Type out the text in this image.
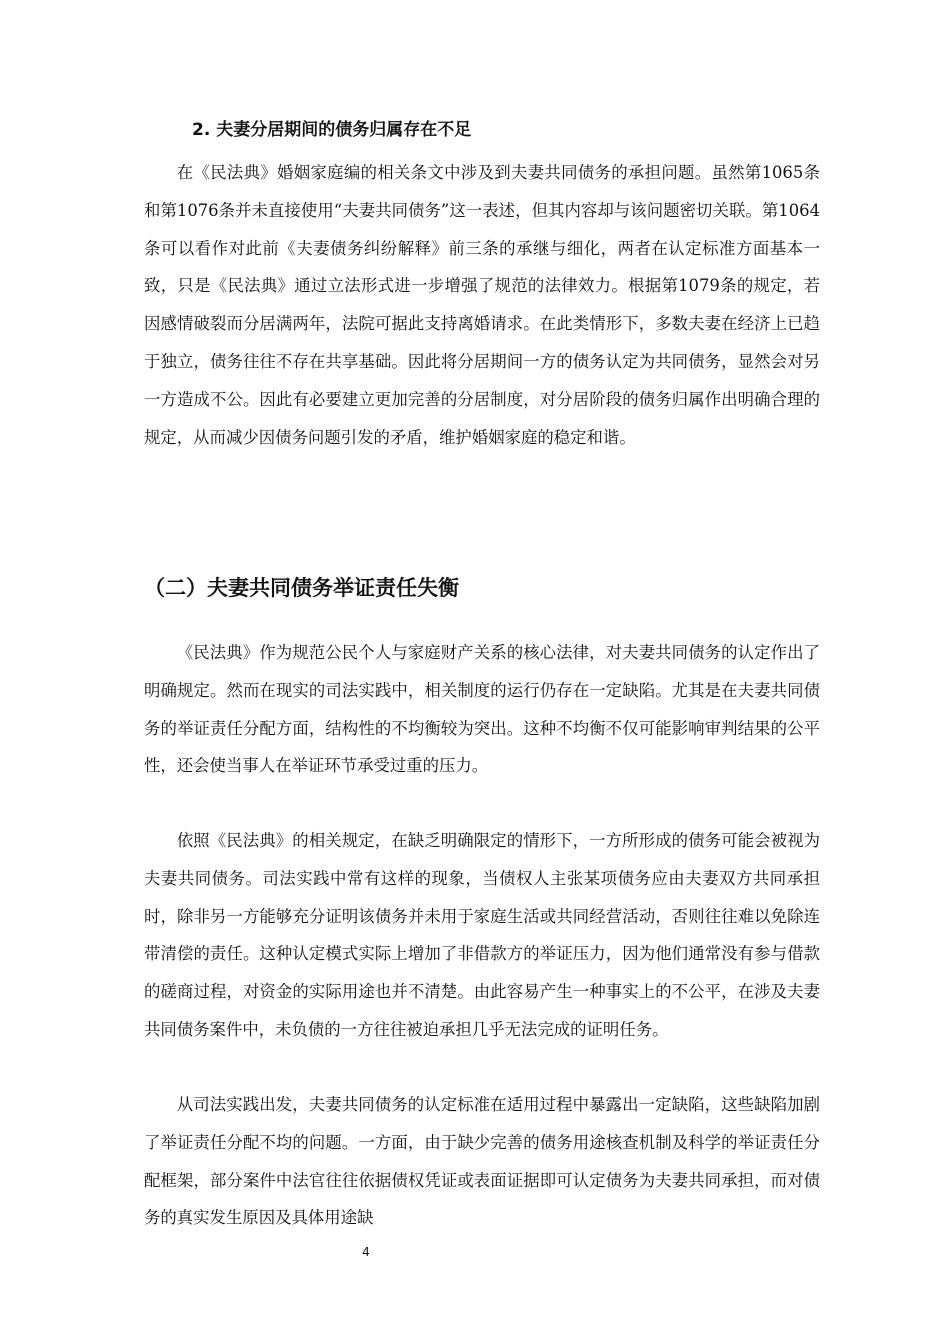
2. 夫妻分居期间的债务归属存在不足

在《民法典》婚姻家庭编的相关条文中涉及到夫妻共同债务的承担问题。虽然第1065条和第1076条并未直接使用“夫妻共同债务”这一表述，但其内容却与该问题密切关联。第1064条可以看作对此前《夫妻债务纠纷解释》前三条的承继与细化，两者在认定标准方面基本一致，只是《民法典》通过立法形式进一步增强了规范的法律效力。根据第1079条的规定，若因感情破裂而分居满两年，法院可据此支持离婚请求。在此类情形下，多数夫妻在经济上已趋于独立，债务往往不存在共享基础。因此将分居期间一方的债务认定为共同债务，显然会对另一方造成不公。因此有必要建立更加完善的分居制度，对分居阶段的债务归属作出明确合理的规定，从而减少因债务问题引发的矛盾，维护婚姻家庭的稳定和谐。

（二）夫妻共同债务举证责任失衡

《民法典》作为规范公民个人与家庭财产关系的核心法律，对夫妻共同债务的认定作出了明确规定。然而在现实的司法实践中，相关制度的运行仍存在一定缺陷。尤其是在夫妻共同债务的举证责任分配方面，结构性的不均衡较为突出。这种不均衡不仅可能影响审判结果的公平性，还会使当事人在举证环节承受过重的压力。

依照《民法典》的相关规定，在缺乏明确限定的情形下，一方所形成的债务可能会被视为夫妻共同债务。司法实践中常有这样的现象，当债权人主张某项债务应由夫妻双方共同承担时，除非另一方能够充分证明该债务并未用于家庭生活或共同经营活动，否则往往难以免除连带清偿的责任。这种认定模式实际上增加了非借款方的举证压力，因为他们通常没有参与借款的磋商过程，对资金的实际用途也并不清楚。由此容易产生一种事实上的不公平，在涉及夫妻共同债务案件中，未负债的一方往往被迫承担几乎无法完成的证明任务。

从司法实践出发，夫妻共同债务的认定标准在适用过程中暴露出一定缺陷，这些缺陷加剧了举证责任分配不均的问题。一方面，由于缺少完善的债务用途核查机制及科学的举证责任分配框架，部分案件中法官往往依据债权凭证或表面证据即可认定债务为夫妻共同承担，而对债务的真实发生原因及具体用途缺

4
